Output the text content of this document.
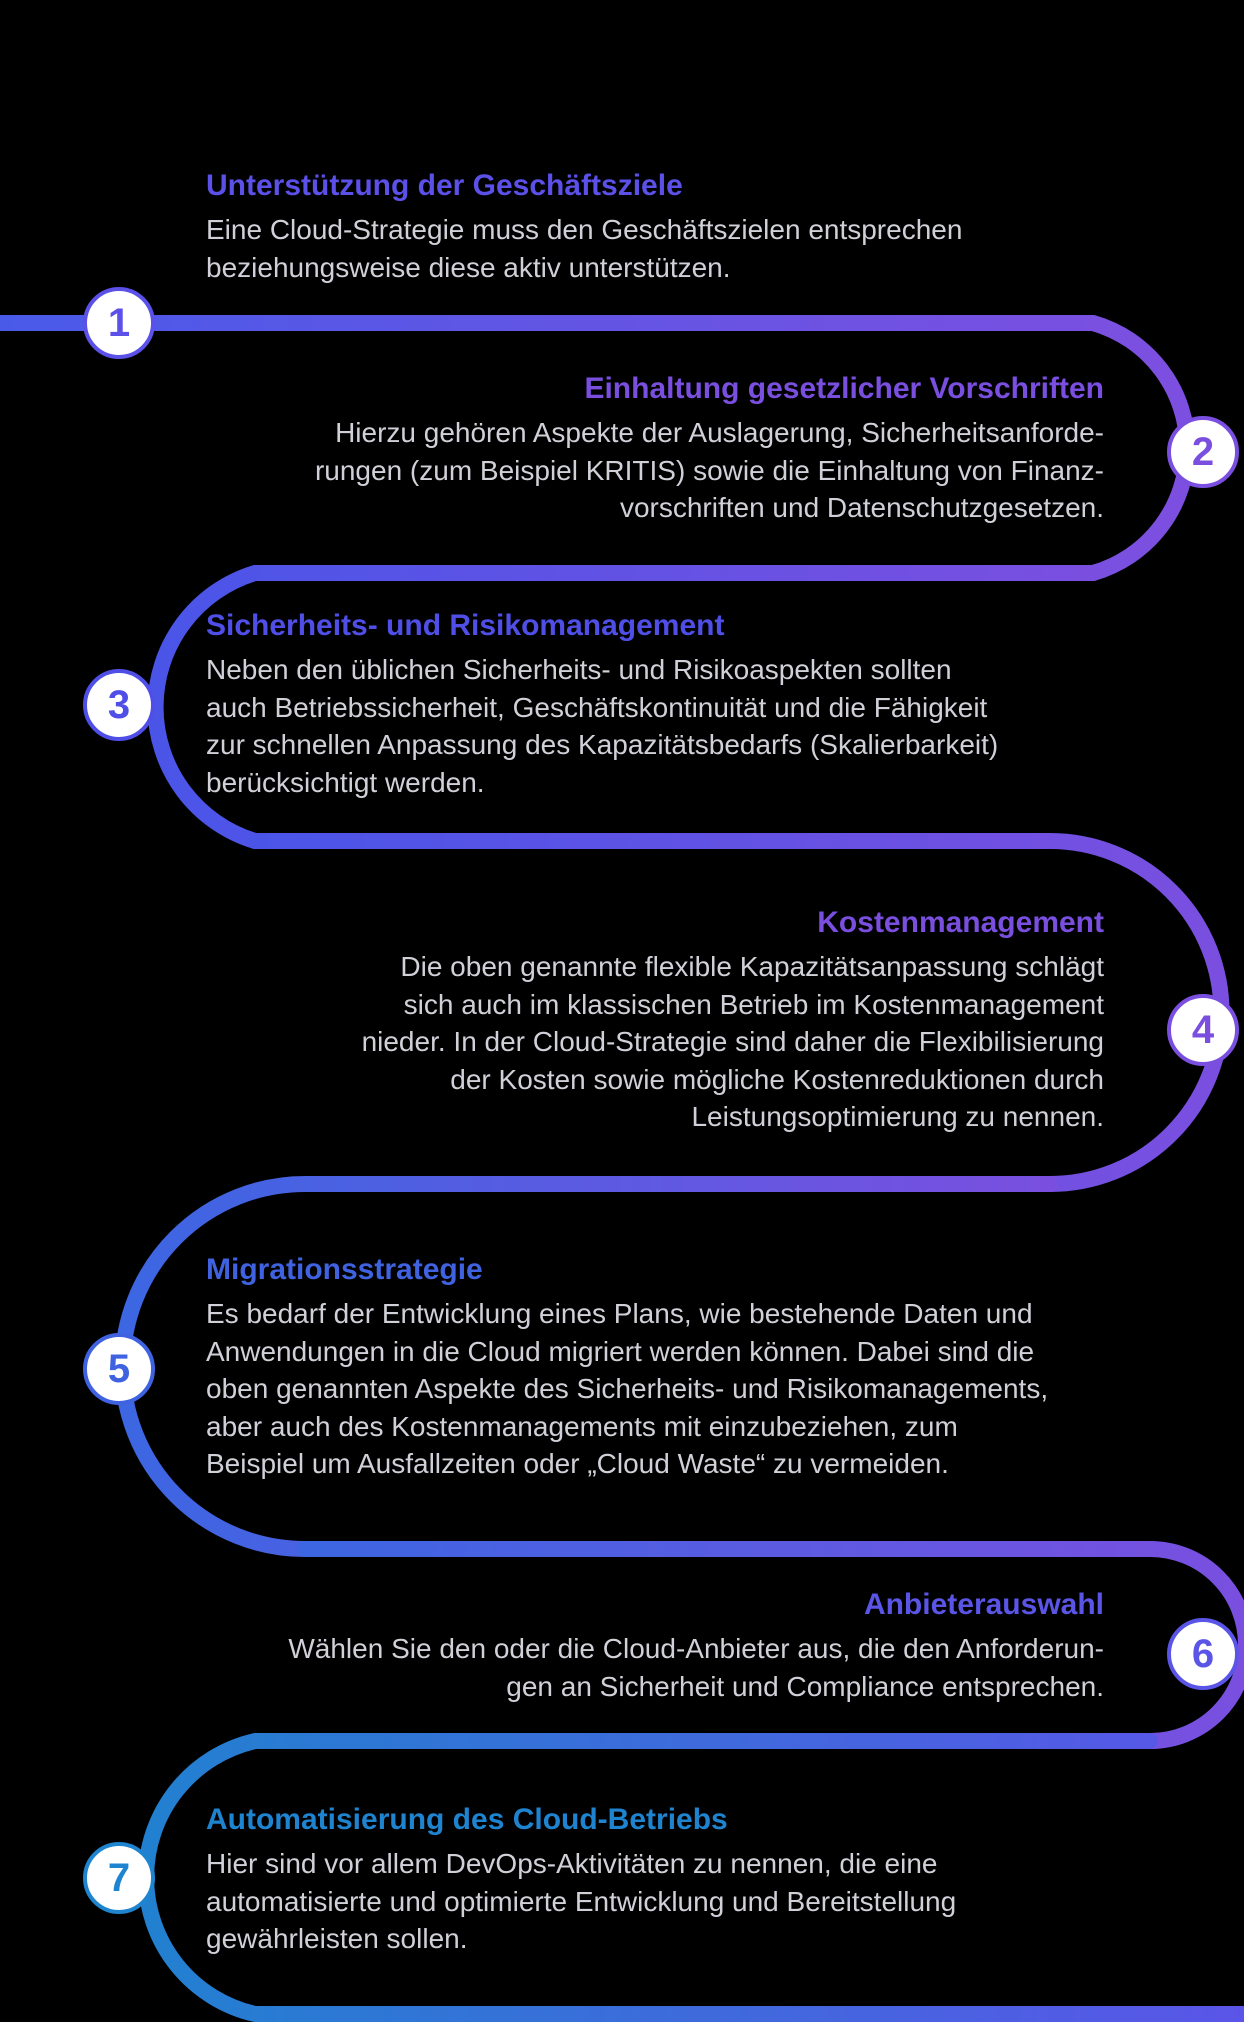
1
Unterstützung der Geschäftsziele

Eine Cloud-Strategie muss den Geschäftszielen entsprechen
beziehungsweise diese aktiv unterstützen.

2
Einhaltung gesetzlicher Vorschriften

Hierzu gehören Aspekte der Auslagerung, Sicherheitsanforde-
rungen (zum Beispiel KRITIS) sowie die Einhaltung von Finanz-
vorschriften und Datenschutzgesetzen.

3
Sicherheits- und Risikomanagement

Neben den üblichen Sicherheits- und Risikoaspekten sollten
auch Betriebssicherheit, Geschäftskontinuität und die Fähigkeit
zur schnellen Anpassung des Kapazitätsbedarfs (Skalierbarkeit)
berücksichtigt werden.

4
Kostenmanagement

Die oben genannte flexible Kapazitätsanpassung schlägt
sich auch im klassischen Betrieb im Kostenmanagement
nieder. In der Cloud-Strategie sind daher die Flexibilisierung
der Kosten sowie mögliche Kostenreduktionen durch
Leistungsoptimierung zu nennen.

5
Migrationsstrategie

Es bedarf der Entwicklung eines Plans, wie bestehende Daten und
Anwendungen in die Cloud migriert werden können. Dabei sind die
oben genannten Aspekte des Sicherheits- und Risikomanagements,
aber auch des Kostenmanagements mit einzubeziehen, zum
Beispiel um Ausfallzeiten oder „Cloud Waste“ zu vermeiden.

6
Anbieterauswahl

Wählen Sie den oder die Cloud-Anbieter aus, die den Anforderun-
gen an Sicherheit und Compliance entsprechen.

7
Automatisierung des Cloud-Betriebs

Hier sind vor allem DevOps-Aktivitäten zu nennen, die eine
automatisierte und optimierte Entwicklung und Bereitstellung
gewährleisten sollen.
